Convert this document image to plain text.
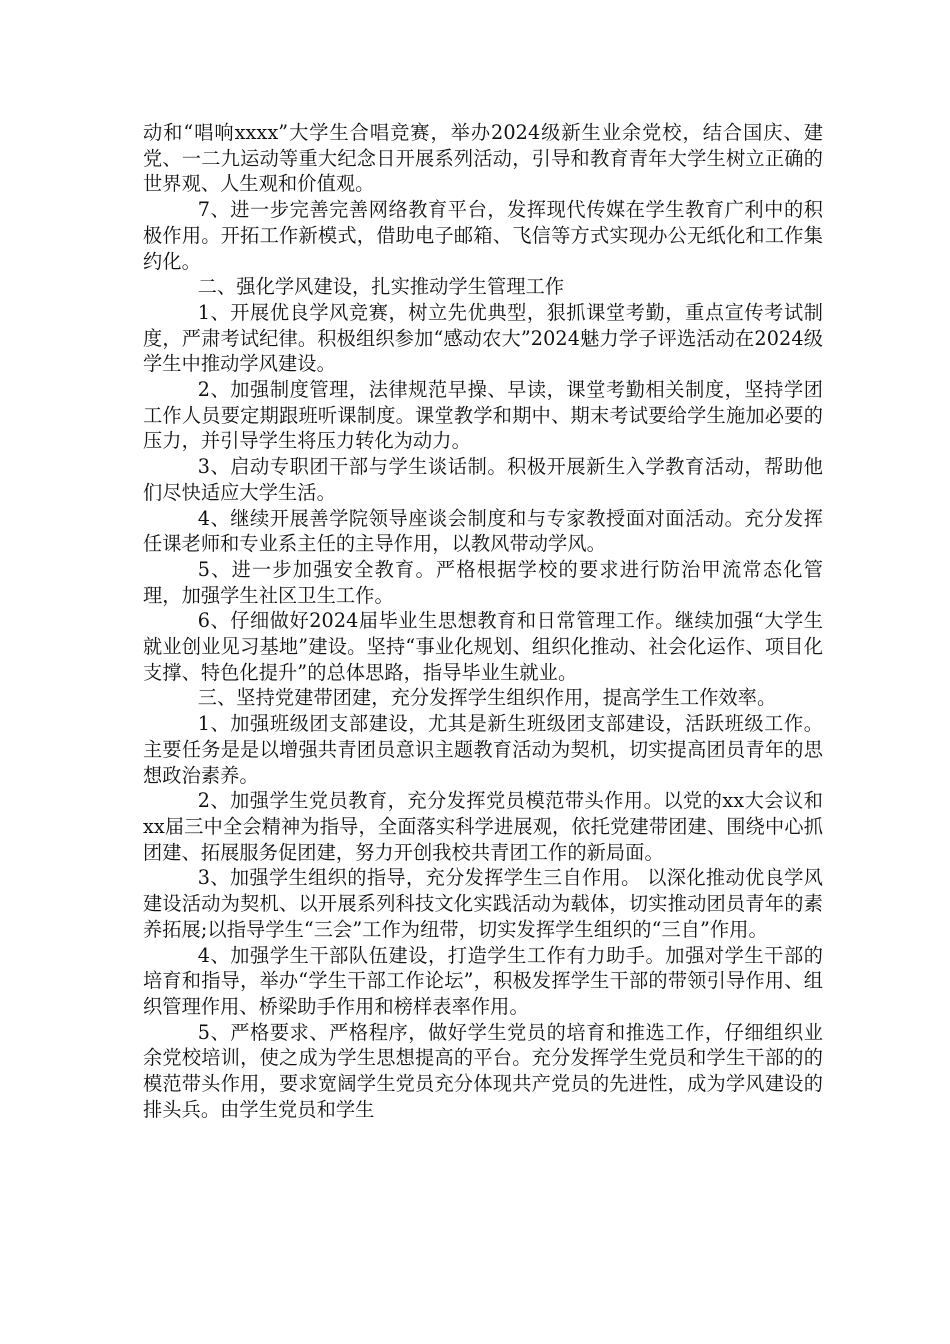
动和“唱响xxxx”大学生合唱竞赛，举办2024级新生业余党校，结合国庆、建党、一二九运动等重大纪念日开展系列活动，引导和教育青年大学生树立正确的世界观、人生观和价值观。

7、进一步完善完善网络教育平台，发挥现代传媒在学生教育广利中的积极作用。开拓工作新模式，借助电子邮箱、飞信等方式实现办公无纸化和工作集约化。

二、强化学风建设，扎实推动学生管理工作

1、开展优良学风竞赛，树立先优典型，狠抓课堂考勤，重点宣传考试制度，严肃考试纪律。积极组织参加“感动农大”2024魅力学子评选活动在2024级学生中推动学风建设。

2、加强制度管理，法律规范早操、早读，课堂考勤相关制度，坚持学团工作人员要定期跟班听课制度。课堂教学和期中、期末考试要给学生施加必要的压力，并引导学生将压力转化为动力。

3、启动专职团干部与学生谈话制。积极开展新生入学教育活动，帮助他们尽快适应大学生活。

4、继续开展善学院领导座谈会制度和与专家教授面对面活动。充分发挥任课老师和专业系主任的主导作用，以教风带动学风。

5、进一步加强安全教育。严格根据学校的要求进行防治甲流常态化管理，加强学生社区卫生工作。

6、仔细做好2024届毕业生思想教育和日常管理工作。继续加强“大学生就业创业见习基地”建设。坚持“事业化规划、组织化推动、社会化运作、项目化支撑、特色化提升”的总体思路，指导毕业生就业。

三、坚持党建带团建，充分发挥学生组织作用，提高学生工作效率。

1、加强班级团支部建设，尤其是新生班级团支部建设，活跃班级工作。主要任务是是以增强共青团员意识主题教育活动为契机，切实提高团员青年的思想政治素养。

2、加强学生党员教育，充分发挥党员模范带头作用。以党的xx大会议和xx届三中全会精神为指导，全面落实科学进展观，依托党建带团建、围绕中心抓团建、拓展服务促团建，努力开创我校共青团工作的新局面。

3、加强学生组织的指导，充分发挥学生三自作用。 以深化推动优良学风建设活动为契机、以开展系列科技文化实践活动为载体，切实推动团员青年的素养拓展;以指导学生“三会”工作为纽带，切实发挥学生组织的“三自”作用。

4、加强学生干部队伍建设，打造学生工作有力助手。加强对学生干部的培育和指导，举办“学生干部工作论坛”，积极发挥学生干部的带领引导作用、组织管理作用、桥梁助手作用和榜样表率作用。

5、严格要求、严格程序，做好学生党员的培育和推选工作，仔细组织业余党校培训，使之成为学生思想提高的平台。充分发挥学生党员和学生干部的的模范带头作用，要求宽阔学生党员充分体现共产党员的先进性，成为学风建设的排头兵。由学生党员和学生
